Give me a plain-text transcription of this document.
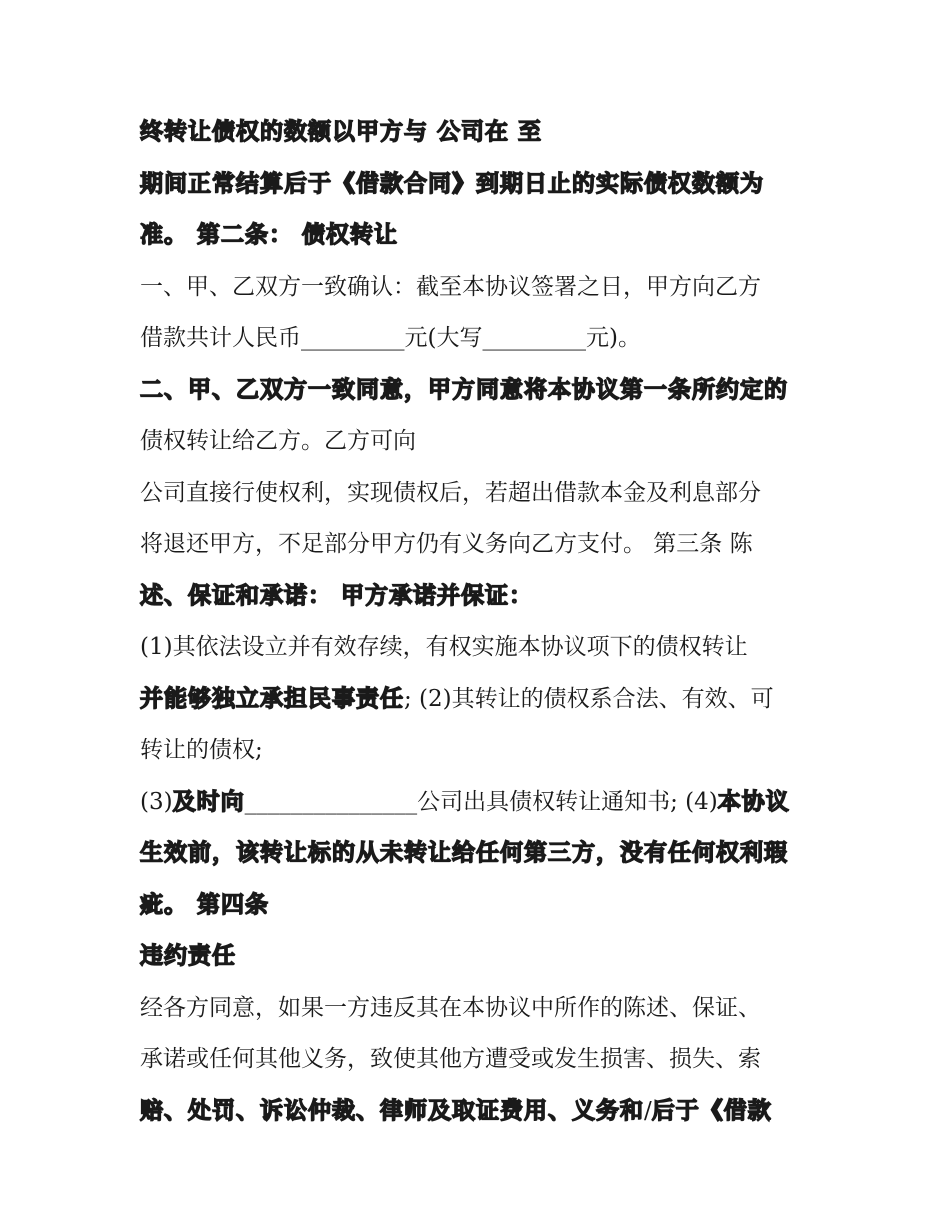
终转让债权的数额以甲方与 公司在 至
期间正常结算后于《借款合同》到期日止的实际债权数额为
准。 第二条： 债权转让
一、甲、乙双方一致确认：截至本协议签署之日，甲方向乙方
借款共计人民币_________元(大写_________元)。
二、甲、乙双方一致同意，甲方同意将本协议第一条所约定的
债权转让给乙方。乙方可向
公司直接行使权利，实现债权后，若超出借款本金及利息部分
将退还甲方，不足部分甲方仍有义务向乙方支付。 第三条 陈
述、保证和承诺： 甲方承诺并保证：
(1)其依法设立并有效存续，有权实施本协议项下的债权转让
并能够独立承担民事责任; (2)其转让的债权系合法、有效、可
转让的债权;
(3)及时向_______________公司出具债权转让通知书; (4)本协议
生效前，该转让标的从未转让给任何第三方，没有任何权利瑕
疵。 第四条
违约责任
经各方同意，如果一方违反其在本协议中所作的陈述、保证、
承诺或任何其他义务，致使其他方遭受或发生损害、损失、索
赔、处罚、诉讼仲裁、律师及取证费用、义务和/后于《借款
